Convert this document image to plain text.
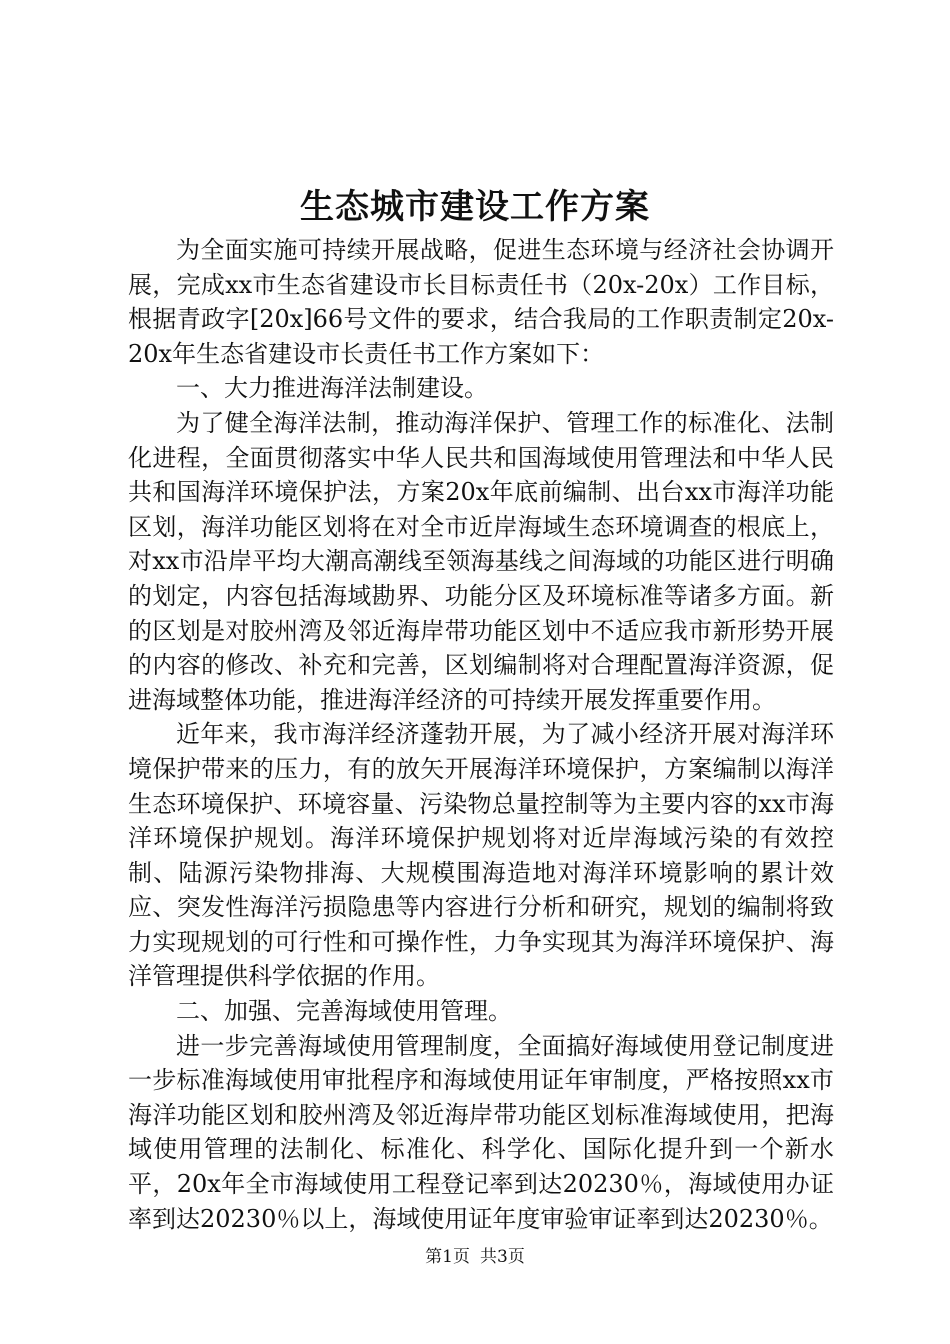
生态城市建设工作方案

为全面实施可持续开展战略，促进生态环境与经济社会协调开展，完成xx市生态省建设市长目标责任书（20x-20x）工作目标，根据青政字[20x]66号文件的要求，结合我局的工作职责制定20x-20x年生态省建设市长责任书工作方案如下：

一、大力推进海洋法制建设。

为了健全海洋法制，推动海洋保护、管理工作的标准化、法制化进程，全面贯彻落实中华人民共和国海域使用管理法和中华人民共和国海洋环境保护法，方案20x年底前编制、出台xx市海洋功能区划，海洋功能区划将在对全市近岸海域生态环境调查的根底上，对xx市沿岸平均大潮高潮线至领海基线之间海域的功能区进行明确的划定，内容包括海域勘界、功能分区及环境标准等诸多方面。新的区划是对胶州湾及邻近海岸带功能区划中不适应我市新形势开展的内容的修改、补充和完善，区划编制将对合理配置海洋资源，促进海域整体功能，推进海洋经济的可持续开展发挥重要作用。

近年来，我市海洋经济蓬勃开展，为了减小经济开展对海洋环境保护带来的压力，有的放矢开展海洋环境保护，方案编制以海洋生态环境保护、环境容量、污染物总量控制等为主要内容的xx市海洋环境保护规划。海洋环境保护规划将对近岸海域污染的有效控制、陆源污染物排海、大规模围海造地对海洋环境影响的累计效应、突发性海洋污损隐患等内容进行分析和研究，规划的编制将致力实现规划的可行性和可操作性，力争实现其为海洋环境保护、海洋管理提供科学依据的作用。

二、加强、完善海域使用管理。

进一步完善海域使用管理制度，全面搞好海域使用登记制度进一步标准海域使用审批程序和海域使用证年审制度，严格按照xx市海洋功能区划和胶州湾及邻近海岸带功能区划标准海域使用，把海域使用管理的法制化、标准化、科学化、国际化提升到一个新水平，20x年全市海域使用工程登记率到达20230％，海域使用办证率到达20230％以上，海域使用证年度审验审证率到达20230％。

第1页 共3页
